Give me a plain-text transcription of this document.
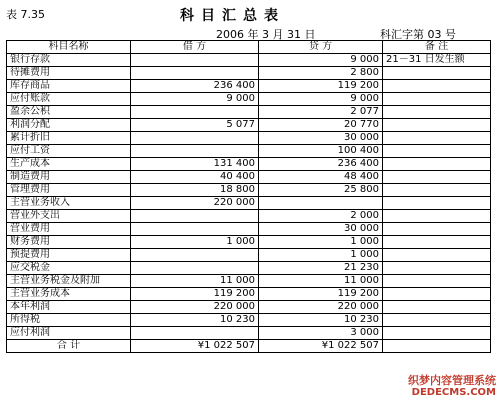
表 7.35	科目汇总表
2006 年 3 月 31 日	科汇字第 03 号
科目名称	借 方	贷 方	备 注
银行存款		9 000	21－31 日发生额
待摊费用		2 800	
库存商品	236 400	119 200	
应付账款	9 000	9 000	
盈余公积		2 077	
利润分配	5 077	20 770	
累计折旧		30 000	
应付工资		100 400	
生产成本	131 400	236 400	
制造费用	40 400	48 400	
管理费用	18 800	25 800	
主营业务收入	220 000		
营业外支出		2 000	
营业费用		30 000	
财务费用	1 000	1 000	
预提费用		1 000	
应交税金		21 230	
主营业务税金及附加	11 000	11 000	
主营业务成本	119 200	119 200	
本年利润	220 000	220 000	
所得税	10 230	10 230	
应付利润		3 000	
合 计	¥1 022 507	¥1 022 507	
织梦内容管理系统
DEDECMS.COM
